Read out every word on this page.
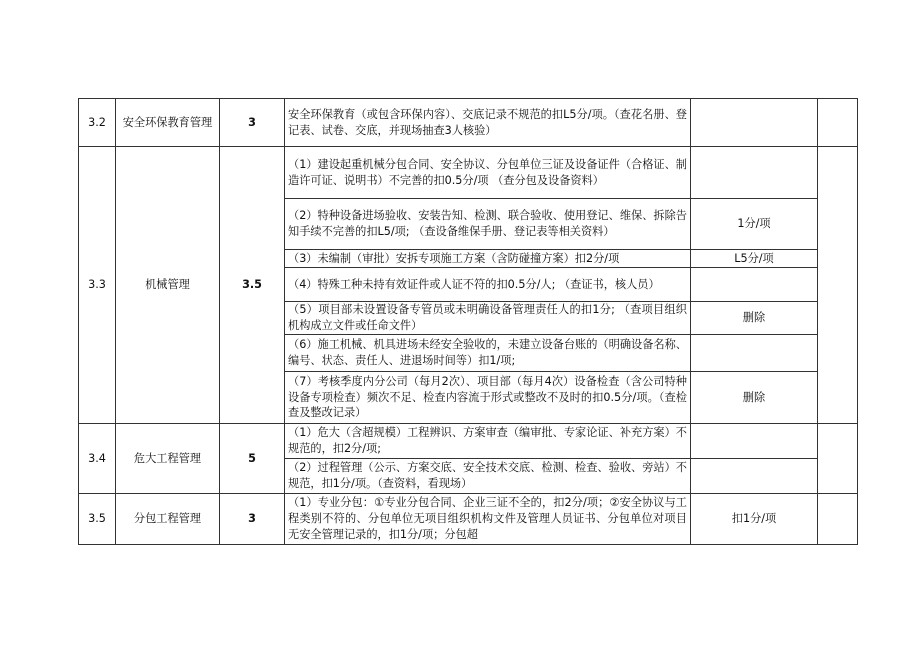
3.2	安全环保教育管理	3	安全环保教育（或包含环保内容）、交底记录不规范的扣L5分/项。（查花名册、登记表、试卷、交底，并现场抽查3人核验）		
3.3	机械管理	3.5	（1）建设起重机械分包合同、安全协议、分包单位三证及设备证件（合格证、制造许可证、说明书）不完善的扣0.5分/项 （查分包及设备资料）		
			（2）特种设备进场验收、安装告知、检测、联合验收、使用登记、维保、拆除告知手续不完善的扣L5/项; （查设备维保手册、登记表等相关资料）	1分/项	
			（3）未编制（审批）安拆专项施工方案（含防碰撞方案）扣2分/项	L5分/项	
			（4）特殊工种未持有效证件或人证不符的扣0.5分/人; （查证书，核人员）		
			（5）项目部未设置设备专管员或未明确设备管理责任人的扣1分; （查项目组织机构成立文件或任命文件）	删除	
			（6）施工机械、机具进场未经安全验收的，未建立设备台账的（明确设备名称、编号、状态、责任人、进退场时间等）扣1/项;		
			（7）考核季度内分公司（每月2次）、项目部（每月4次）设备检查（含公司特种设备专项检查）频次不足、检查内容流于形式或整改不及时的扣0.5分/项。（查检查及整改记录）	删除	
3.4	危大工程管理	5	（1）危大（含超规模）工程辨识、方案审查（编审批、专家论证、补充方案）不规范的，扣2分/项;		
			（2）过程管理（公示、方案交底、安全技术交底、检测、检查、验收、旁站）不规范，扣1分/项。（查资料，看现场）		
3.5	分包工程管理	3	（1）专业分包：①专业分包合同、企业三证不全的，扣2分/项；②安全协议与工程类别不符的、分包单位无项目组织机构文件及管理人员证书、分包单位对项目无安全管理记录的，扣1分/项；分包超	扣1分/项	
